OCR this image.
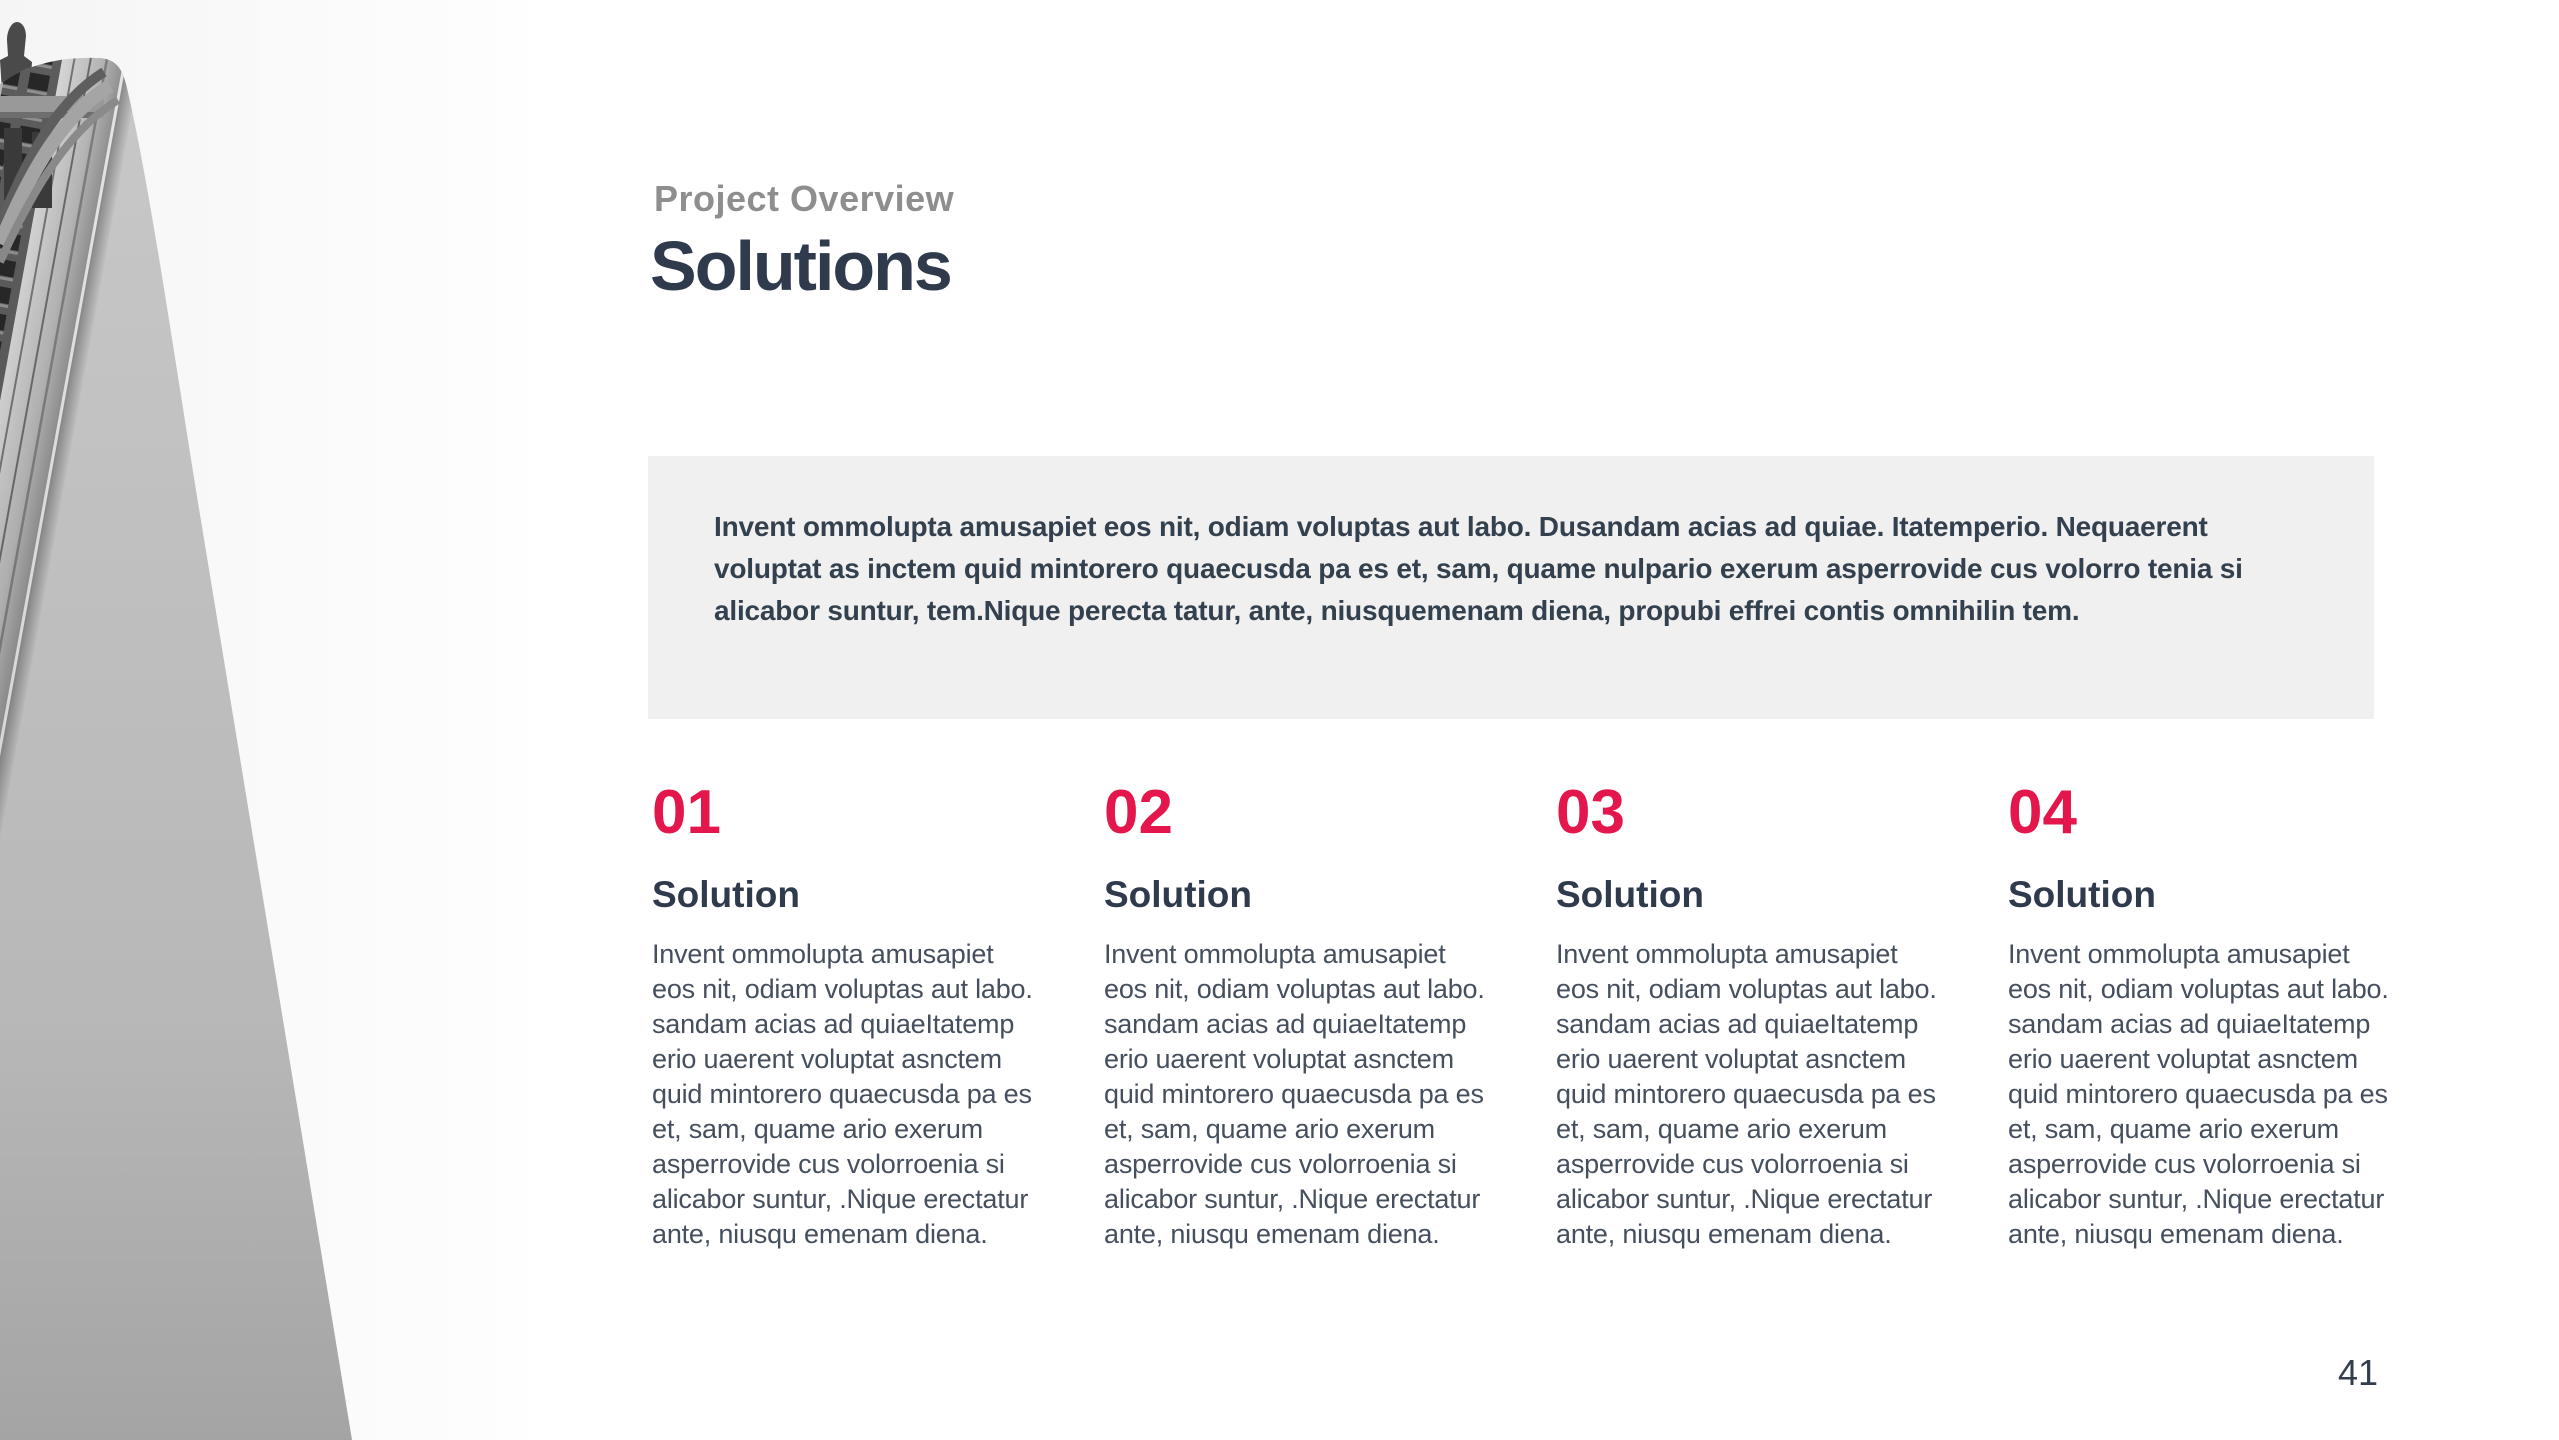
Project Overview
Solutions
Invent ommolupta amusapiet eos nit, odiam voluptas aut labo. Dusandam acias ad quiae. Itatemperio. Nequaerent voluptat as inctem quid mintorero quaecusda pa es et, sam, quame nulpario exerum asperrovide cus volorro tenia si alicabor suntur, tem.Nique perecta tatur, ante, niusquemenam diena, propubi effrei contis omnihilin tem.
01
Solution

Invent ommolupta amusapiet eos nit, odiam voluptas aut labo. sandam acias ad quiaeItatemp erio uaerent voluptat asnctem quid mintorero quaecusda pa es et, sam, quame ario exerum asperrovide cus volorroenia si alicabor suntur, .Nique erectatur ante, niusqu emenam diena.

02
Solution

Invent ommolupta amusapiet eos nit, odiam voluptas aut labo. sandam acias ad quiaeItatemp erio uaerent voluptat asnctem quid mintorero quaecusda pa es et, sam, quame ario exerum asperrovide cus volorroenia si alicabor suntur, .Nique erectatur ante, niusqu emenam diena.

03
Solution

Invent ommolupta amusapiet eos nit, odiam voluptas aut labo. sandam acias ad quiaeItatemp erio uaerent voluptat asnctem quid mintorero quaecusda pa es et, sam, quame ario exerum asperrovide cus volorroenia si alicabor suntur, .Nique erectatur ante, niusqu emenam diena.

04
Solution

Invent ommolupta amusapiet eos nit, odiam voluptas aut labo. sandam acias ad quiaeItatemp erio uaerent voluptat asnctem quid mintorero quaecusda pa es et, sam, quame ario exerum asperrovide cus volorroenia si alicabor suntur, .Nique erectatur ante, niusqu emenam diena.

41
